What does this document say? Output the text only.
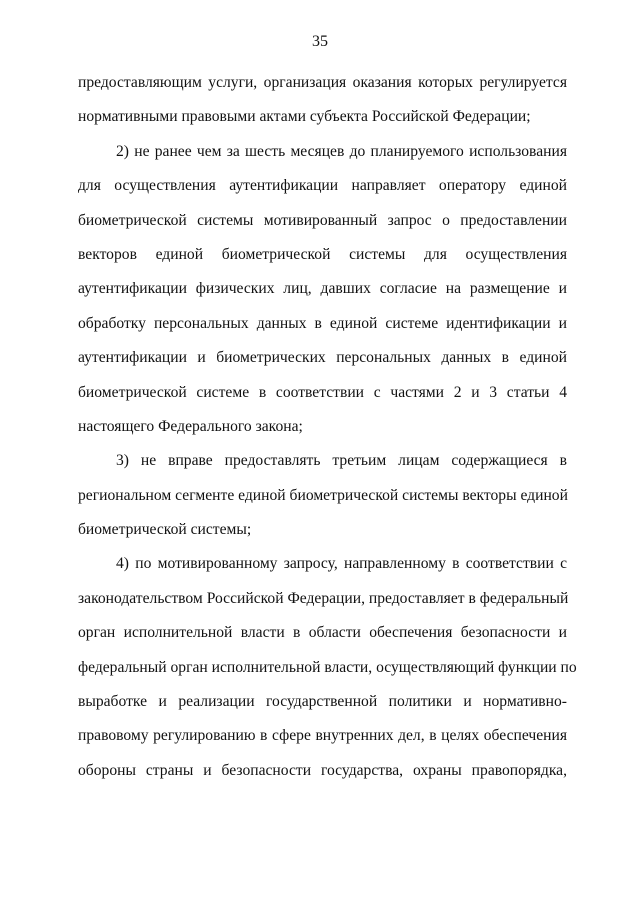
35
предоставляющим услуги, организация оказания которых регулируется
нормативными правовыми актами субъекта Российской Федерации;
2) не ранее чем за шесть месяцев до планируемого использования
для осуществления аутентификации направляет оператору единой
биометрической системы мотивированный запрос о предоставлении
векторов единой биометрической системы для осуществления
аутентификации физических лиц, давших согласие на размещение и
обработку персональных данных в единой системе идентификации и
аутентификации и биометрических персональных данных в единой
биометрической системе в соответствии с частями 2 и 3 статьи 4
настоящего Федерального закона;
3) не вправе предоставлять третьим лицам содержащиеся в
региональном сегменте единой биометрической системы векторы единой
биометрической системы;
4) по мотивированному запросу, направленному в соответствии с
законодательством Российской Федерации, предоставляет в федеральный
орган исполнительной власти в области обеспечения безопасности и
федеральный орган исполнительной власти, осуществляющий функции по
выработке и реализации государственной политики и нормативно-
правовому регулированию в сфере внутренних дел, в целях обеспечения
обороны страны и безопасности государства, охраны правопорядка,
